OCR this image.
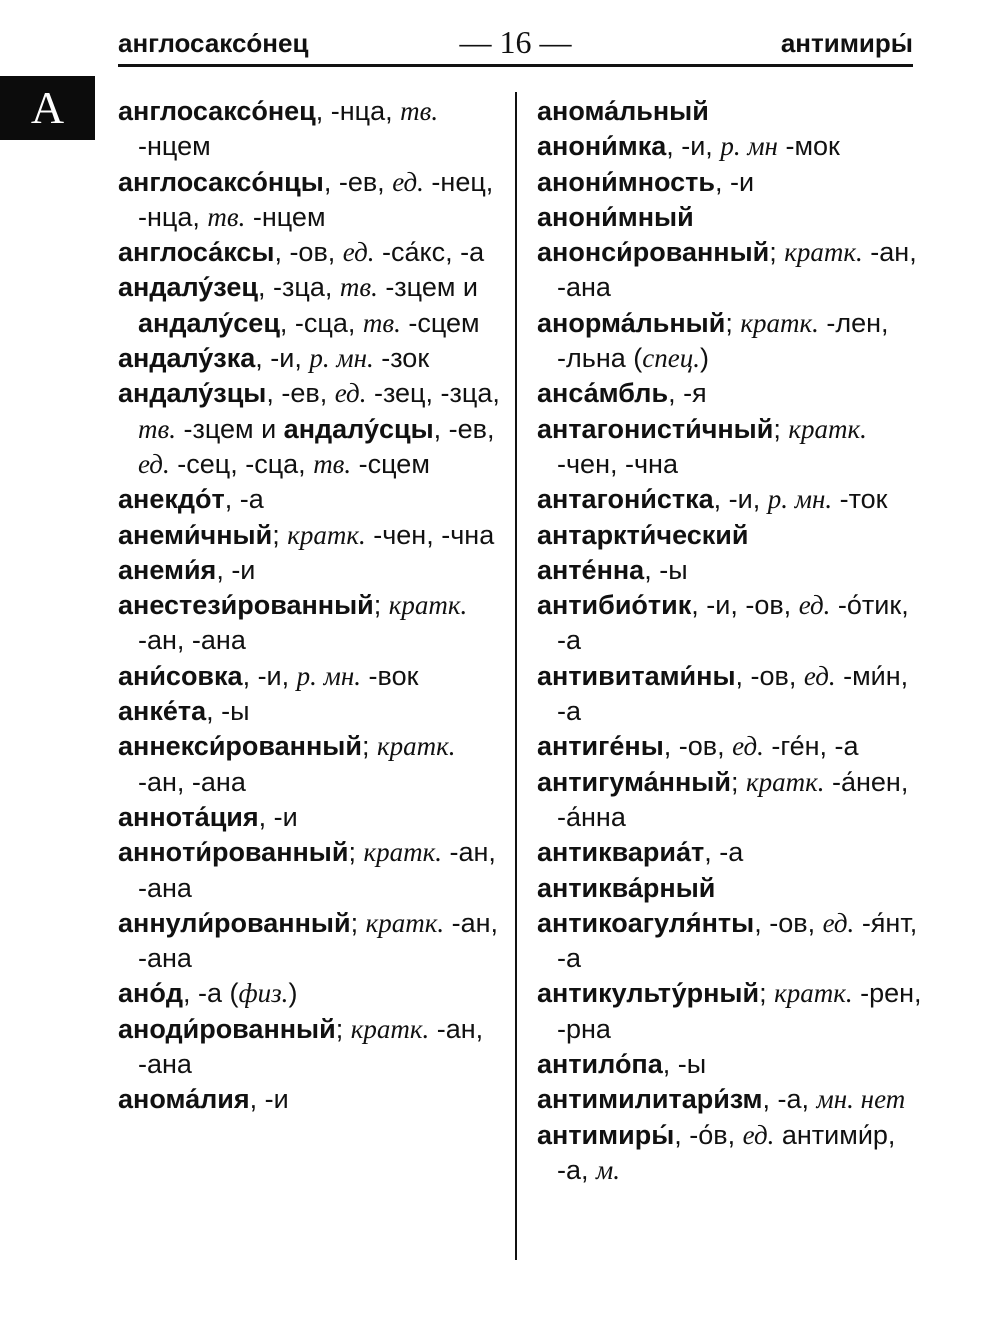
англосаксо́нец	— 16 —	антимиры́
А	англосаксо́нец, -нца, тв. -нцем

англосаксо́нцы, -ев, ед. -нец, -нца, тв. -нцем

англоса́ксы, -ов, ед. -са́кс, -а

андалу́зец, -зца, тв. -зцем и андалу́сец, -сца, тв. -сцем

андалу́зка, -и, р. мн. -зок

андалу́зцы, -ев, ед. -зец, -зца, тв. -зцем и андалу́сцы, -ев, ед. -сец, -сца, тв. -сцем

анекдо́т, -а

анеми́чный; кратк. -чен, -чна

анеми́я, -и

анестези́рованный; кратк. -ан, -ана

ани́совка, -и, р. мн. -вок

анке́та, -ы

аннекси́рованный; кратк. -ан, -ана

аннота́ция, -и

аннoти́рованный; кратк. -ан, -ана

аннули́рованный; кратк. -ан, -ана

ано́д, -а (физ.)

аноди́рованный; кратк. -ан, -ана

анома́лия, -и

анома́льный

анони́мка, -и, р. мн -мок

анони́мность, -и

анони́мный

анонси́рованный; кратк. -ан, -ана

анорма́льный; кратк. -лен, -льна (спец.)

анса́мбль, -я

антагонисти́чный; кратк. -чен, -чна

антагони́стка, -и, р. мн. -ток

антаркти́ческий

анте́нна, -ы

антибио́тик, -и, -ов, ед. -о́тик, -а

антивитами́ны, -ов, ед. -ми́н, -а

антиге́ны, -ов, ед. -ге́н, -а

антигума́нный; кратк. -а́нен, -а́нна

антиквариа́т, -а

антиква́рный

антикоагуля́нты, -ов, ед. -я́нт, -а

антикульту́рный; кратк. -рен, -рна

антило́па, -ы

антимилитари́зм, -а, мн. нет

антимиры́, -о́в, ед. антими́р, -а, м.
